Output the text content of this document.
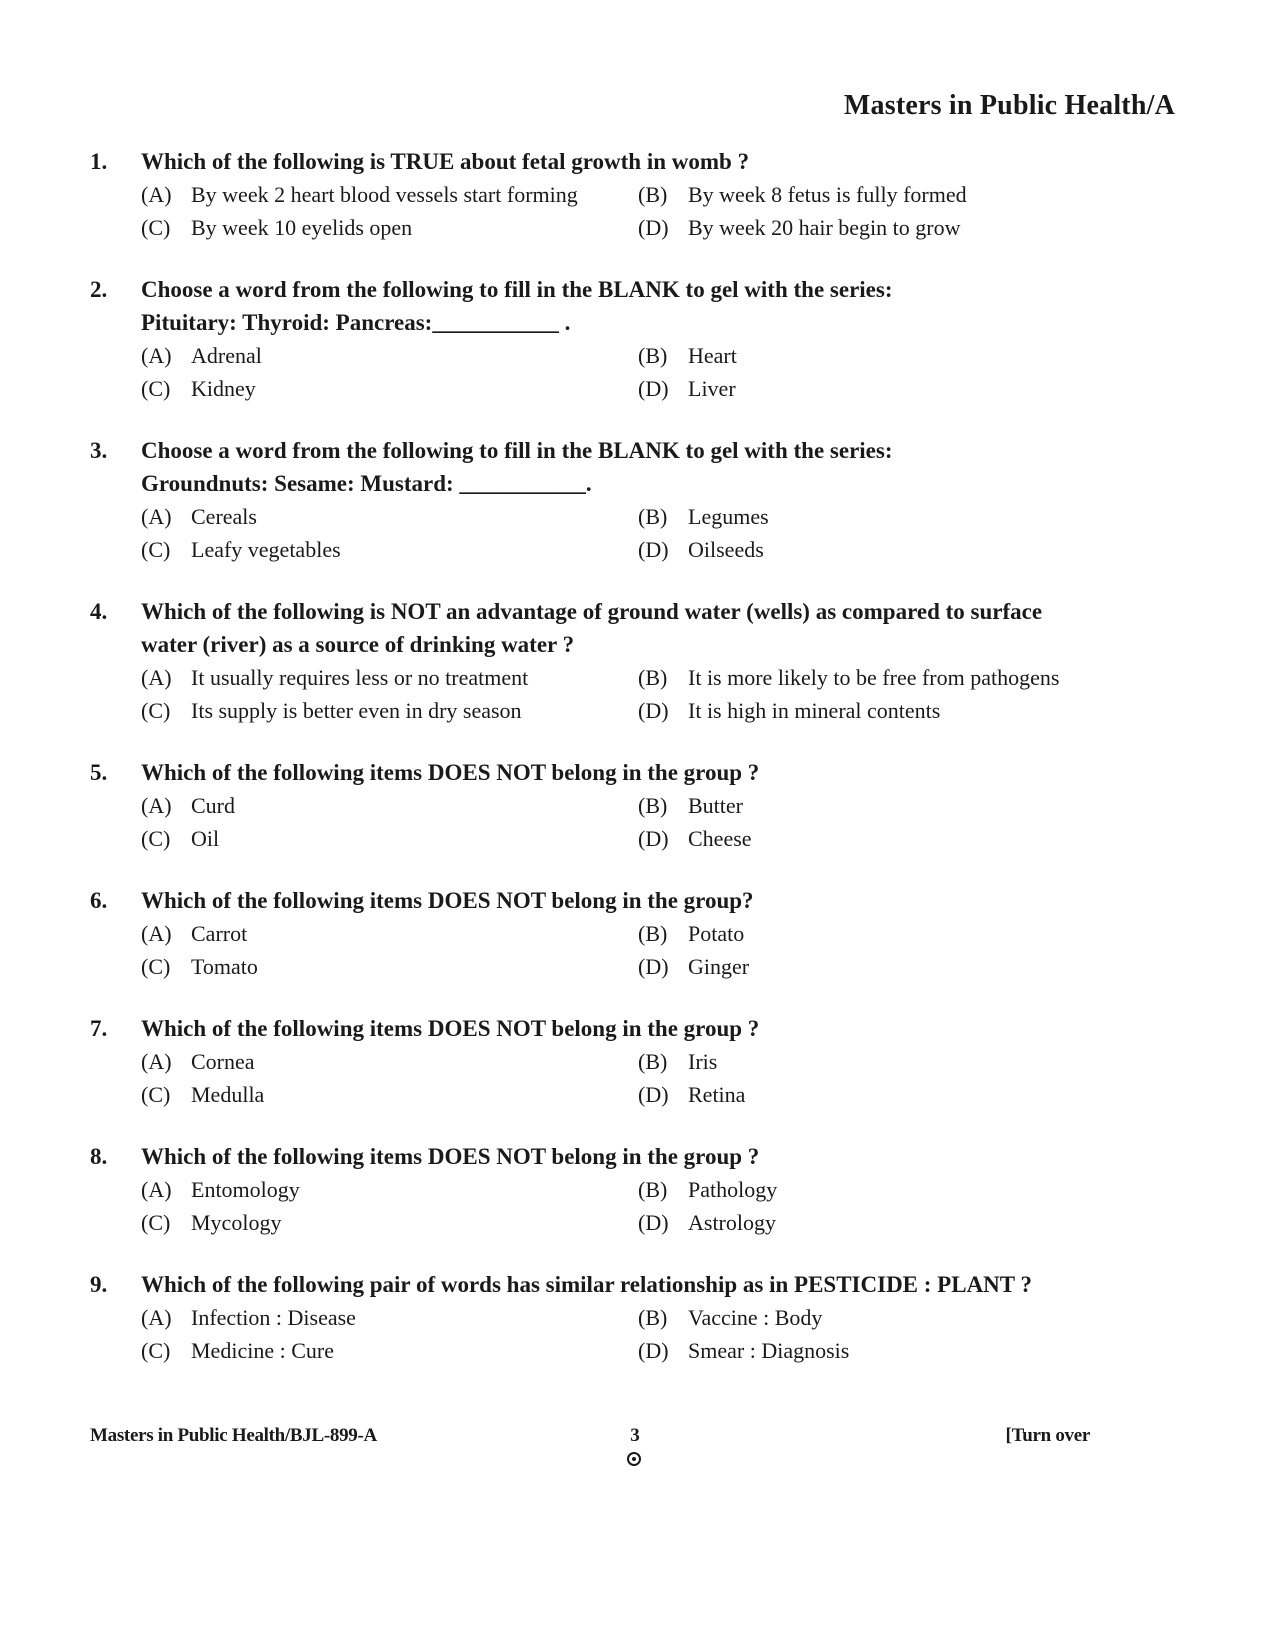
Masters in Public Health/A
1.	Which of the following is TRUE about fetal growth in womb ?
(A) By week 2 heart blood vessels start forming	(B) By week 8 fetus is fully formed
(C) By week 10 eyelids open	(D) By week 20 hair begin to grow
2.	Choose a word from the following to fill in the BLANK to gel with the series:
Pituitary: Thyroid: Pancreas:___________ .
(A) Adrenal	(B) Heart
(C) Kidney	(D) Liver
3.	Choose a word from the following to fill in the BLANK to gel with the series:
Groundnuts: Sesame: Mustard: ___________.
(A) Cereals	(B) Legumes
(C) Leafy vegetables	(D) Oilseeds
4.	Which of the following is NOT an advantage of ground water (wells) as compared to surface
water (river) as a source of drinking water ?
(A) It usually requires less or no treatment	(B) It is more likely to be free from pathogens
(C) Its supply is better even in dry season	(D) It is high in mineral contents
5.	Which of the following items DOES NOT belong in the group ?
(A) Curd	(B) Butter
(C) Oil	(D) Cheese
6.	Which of the following items DOES NOT belong in the group?
(A) Carrot	(B) Potato
(C) Tomato	(D) Ginger
7.	Which of the following items DOES NOT belong in the group ?
(A) Cornea	(B) Iris
(C) Medulla	(D) Retina
8.	Which of the following items DOES NOT belong in the group ?
(A) Entomology	(B) Pathology
(C) Mycology	(D) Astrology
9.	Which of the following pair of words has similar relationship as in PESTICIDE : PLANT ?
(A) Infection : Disease	(B) Vaccine : Body
(C) Medicine : Cure	(D) Smear : Diagnosis
Masters in Public Health/BJL-899-A	3	[Turn over
